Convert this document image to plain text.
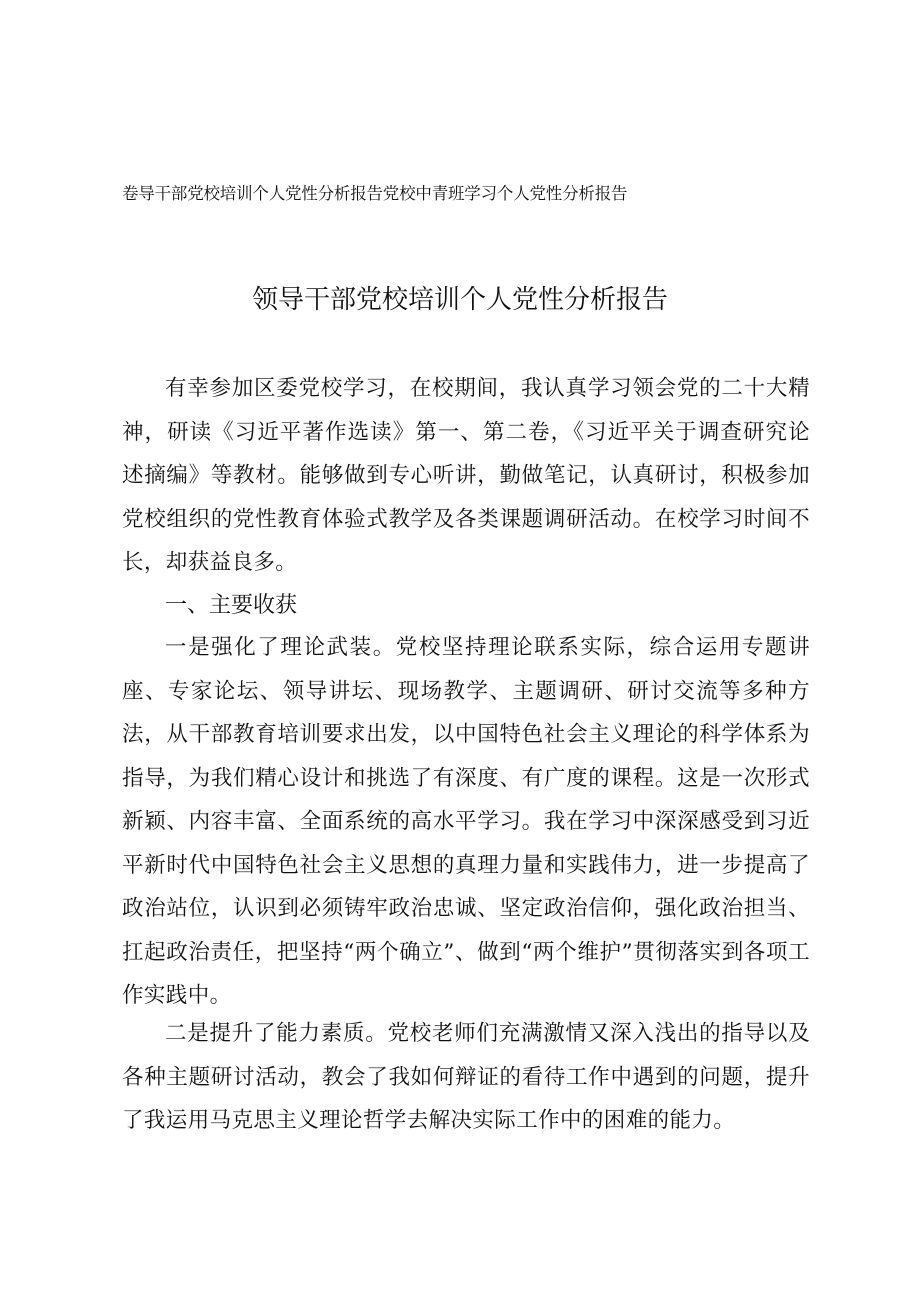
卷导干部党校培训个人党性分析报告党校中青班学习个人党性分析报告
领导干部党校培训个人党性分析报告

有幸参加区委党校学习，在校期间，我认真学习领会党的二十大精神，研读《习近平著作选读》第一、第二卷，《习近平关于调查研究论述摘编》等教材。能够做到专心听讲，勤做笔记，认真研讨，积极参加党校组织的党性教育体验式教学及各类课题调研活动。在校学习时间不长，却获益良多。

一、主要收获

一是强化了理论武装。党校坚持理论联系实际，综合运用专题讲座、专家论坛、领导讲坛、现场教学、主题调研、研讨交流等多种方法，从干部教育培训要求出发，以中国特色社会主义理论的科学体系为指导，为我们精心设计和挑选了有深度、有广度的课程。这是一次形式新颖、内容丰富、全面系统的高水平学习。我在学习中深深感受到习近平新时代中国特色社会主义思想的真理力量和实践伟力，进一步提高了政治站位，认识到必须铸牢政治忠诚、坚定政治信仰，强化政治担当、扛起政治责任，把坚持“两个确立”、做到“两个维护”贯彻落实到各项工作实践中。

二是提升了能力素质。党校老师们充满激情又深入浅出的指导以及各种主题研讨活动，教会了我如何辩证的看待工作中遇到的问题，提升了我运用马克思主义理论哲学去解决实际工作中的困难的能力。
